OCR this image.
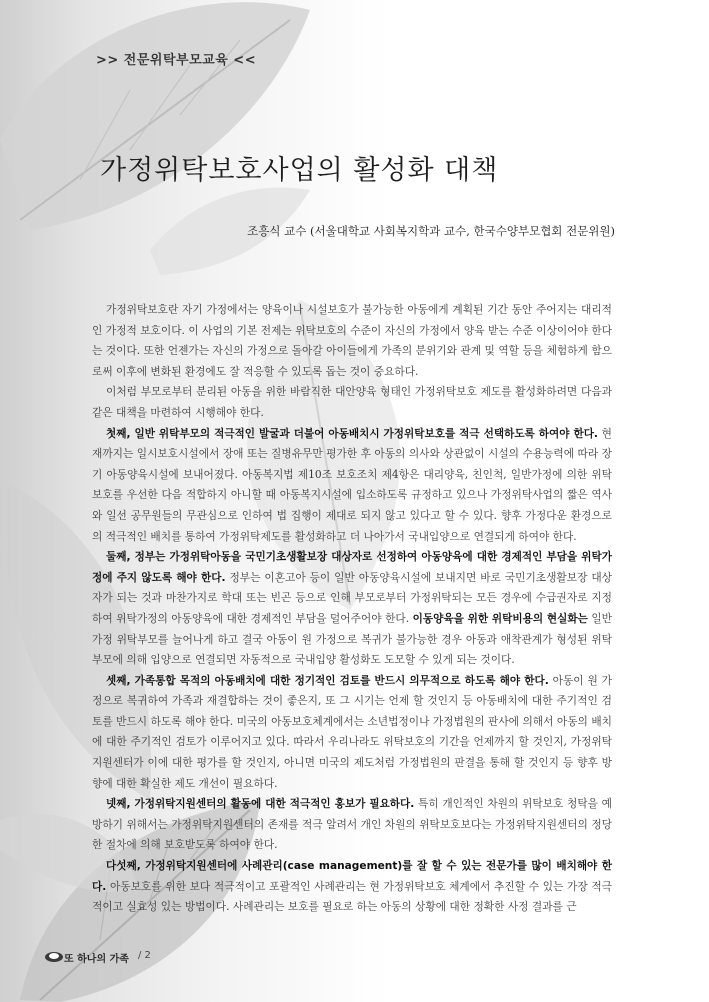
>> 전문위탁부모교육 <<
가정위탁보호사업의 활성화 대책
조흥식 교수 (서울대학교 사회복지학과 교수, 한국수양부모협회 전문위원)

가정위탁보호란 자기 가정에서는 양육이나 시설보호가 불가능한 아동에게 계획된 기간 동안 주어지는 대리적인 가정적 보호이다. 이 사업의 기본 전제는 위탁보호의 수준이 자신의 가정에서 양육 받는 수준 이상이어야 한다는 것이다. 또한 언젠가는 자신의 가정으로 돌아갈 아이들에게 가족의 분위기와 관계 및 역할 등을 체험하게 함으로써 이후에 변화된 환경에도 잘 적응할 수 있도록 돕는 것이 중요하다.

이처럼 부모로부터 분리된 아동을 위한 바람직한 대안양육 형태인 가정위탁보호 제도를 활성화하려면 다음과 같은 대책을 마련하여 시행해야 한다.

첫째, 일반 위탁부모의 적극적인 발굴과 더불어 아동배치시 가정위탁보호를 적극 선택하도록 하여야 한다. 현재까지는 일시보호시설에서 장애 또는 질병유무만 평가한 후 아동의 의사와 상관없이 시설의 수용능력에 따라 장기 아동양육시설에 보내어졌다. 아동복지법 제10조 보호조치 제4항은 대리양육, 친인척, 일반가정에 의한 위탁보호를 우선한 다음 적합하지 아니할 때 아동복지시설에 입소하도록 규정하고 있으나 가정위탁사업의 짧은 역사와 일선 공무원들의 무관심으로 인하여 법 집행이 제대로 되지 않고 있다고 할 수 있다. 향후 가정다운 환경으로의 적극적인 배치를 통하여 가정위탁제도를 활성화하고 더 나아가서 국내입양으로 연결되게 하여야 한다.

둘째, 정부는 가정위탁아동을 국민기초생활보장 대상자로 선정하여 아동양육에 대한 경제적인 부담을 위탁가정에 주지 않도록 해야 한다. 정부는 이혼고아 등이 일반 아동양육시설에 보내지면 바로 국민기초생활보장 대상자가 되는 것과 마찬가지로 학대 또는 빈곤 등으로 인해 부모로부터 가정위탁되는 모든 경우에 수급권자로 지정하여 위탁가정의 아동양육에 대한 경제적인 부담을 덜어주어야 한다. 이동양육을 위한 위탁비용의 현실화는 일반가정 위탁부모를 늘어나게 하고 결국 아동이 원 가정으로 복귀가 불가능한 경우 아동과 애착관계가 형성된 위탁부모에 의해 입양으로 연결되면 자동적으로 국내입양 활성화도 도모할 수 있게 되는 것이다.

셋째, 가족통합 목적의 아동배치에 대한 정기적인 검토를 반드시 의무적으로 하도록 해야 한다. 아동이 원 가정으로 복귀하여 가족과 재결합하는 것이 좋은지, 또 그 시기는 언제 할 것인지 등 아동배치에 대한 주기적인 검토를 반드시 하도록 해야 한다. 미국의 아동보호체계에서는 소년법정이나 가정법원의 판사에 의해서 아동의 배치에 대한 주기적인 검토가 이루어지고 있다. 따라서 우리나라도 위탁보호의 기간을 언제까지 할 것인지, 가정위탁지원센터가 이에 대한 평가를 할 것인지, 아니면 미국의 제도처럼 가정법원의 판결을 통해 할 것인지 등 향후 방향에 대한 확실한 제도 개선이 필요하다.

넷째, 가정위탁지원센터의 활동에 대한 적극적인 홍보가 필요하다. 특히 개인적인 차원의 위탁보호 청탁을 예방하기 위해서는 가정위탁지원센터의 존재를 적극 알려서 개인 차원의 위탁보호보다는 가정위탁지원센터의 정당한 절차에 의해 보호받도록 하여야 한다.

다섯째, 가정위탁지원센터에 사례관리(case management)를 잘 할 수 있는 전문가를 많이 배치해야 한다. 아동보호를 위한 보다 적극적이고 포괄적인 사례관리는 현 가정위탁보호 체계에서 추진할 수 있는 가장 적극적이고 실효성 있는 방법이다. 사례관리는 보호를 필요로 하는 아동의 상황에 대한 정확한 사정 결과를 근

또 하나의 가족 / 2
